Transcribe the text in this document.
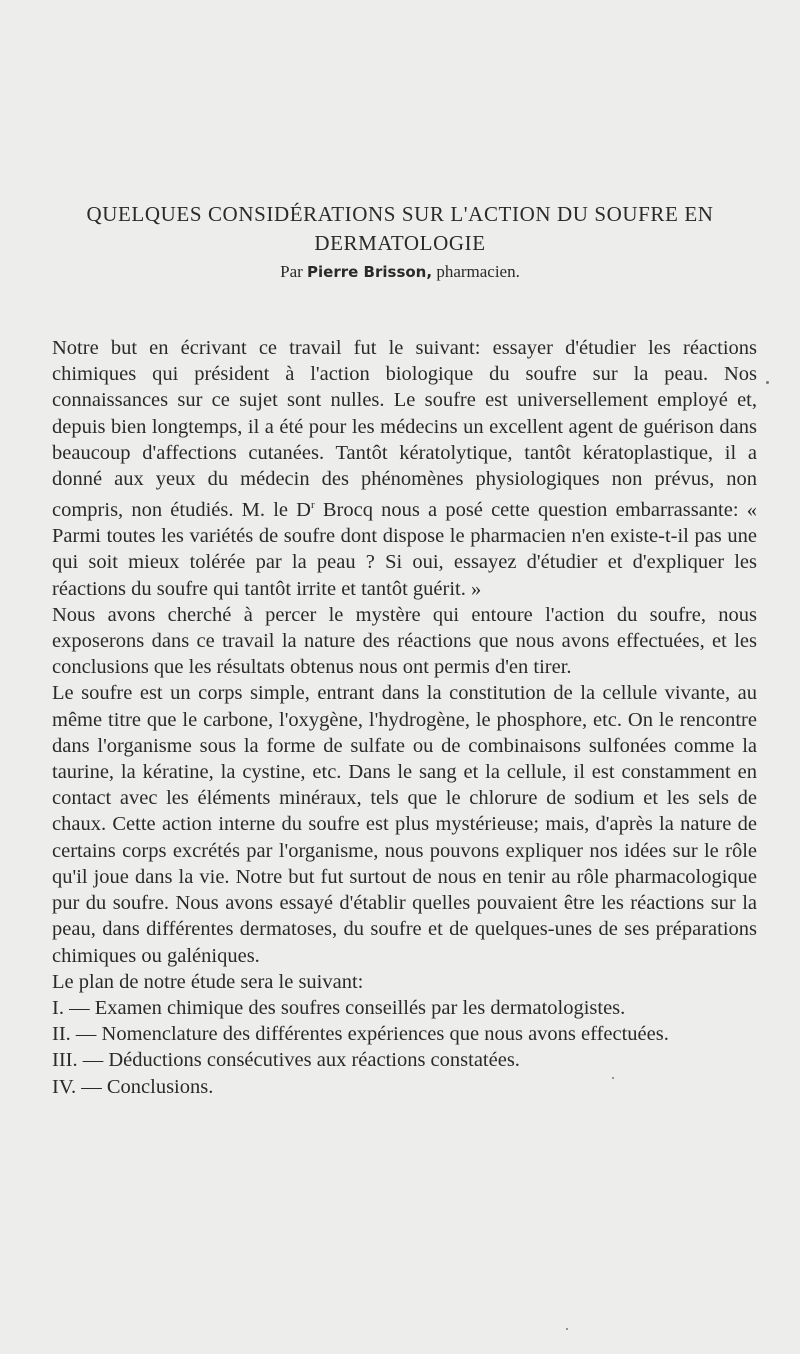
QUELQUES CONSIDÉRATIONS SUR L'ACTION DU SOUFRE EN DERMATOLOGIE
Par Pierre Brisson, pharmacien.

Notre but en écrivant ce travail fut le suivant: essayer d'étudier les réactions chimiques qui président à l'action biologique du soufre sur la peau. Nos connaissances sur ce sujet sont nulles. Le soufre est universellement employé et, depuis bien longtemps, il a été pour les médecins un excellent agent de guérison dans beaucoup d'affections cutanées. Tantôt kératolytique, tantôt kératoplastique, il a donné aux yeux du médecin des phénomènes physiologiques non prévus, non compris, non étudiés. M. le $D^r$ Brocq nous a posé cette question embarrassante: « Parmi toutes les variétés de soufre dont dispose le pharmacien n'en existe-t-il pas une qui soit mieux tolérée par la peau ? Si oui, essayez d'étudier et d'expliquer les réactions du soufre qui tantôt irrite et tantôt guérit. »

Nous avons cherché à percer le mystère qui entoure l'action du soufre, nous exposerons dans ce travail la nature des réactions que nous avons effectuées, et les conclusions que les résultats obtenus nous ont permis d'en tirer.

Le soufre est un corps simple, entrant dans la constitution de la cellule vivante, au même titre que le carbone, l'oxygène, l'hydrogène, le phosphore, etc. On le rencontre dans l'organisme sous la forme de sulfate ou de combinaisons sulfonées comme la taurine, la kératine, la cystine, etc. Dans le sang et la cellule, il est constamment en contact avec les éléments minéraux, tels que le chlorure de sodium et les sels de chaux. Cette action interne du soufre est plus mystérieuse; mais, d'après la nature de certains corps excrétés par l'organisme, nous pouvons expliquer nos idées sur le rôle qu'il joue dans la vie. Notre but fut surtout de nous en tenir au rôle pharmacologique pur du soufre. Nous avons essayé d'établir quelles pouvaient être les réactions sur la peau, dans différentes dermatoses, du soufre et de quelques-unes de ses préparations chimiques ou galéniques.

Le plan de notre étude sera le suivant:

I. — Examen chimique des soufres conseillés par les dermatologistes.
II. — Nomenclature des différentes expériences que nous avons effectuées.
III. — Déductions consécutives aux réactions constatées.
IV. — Conclusions.
